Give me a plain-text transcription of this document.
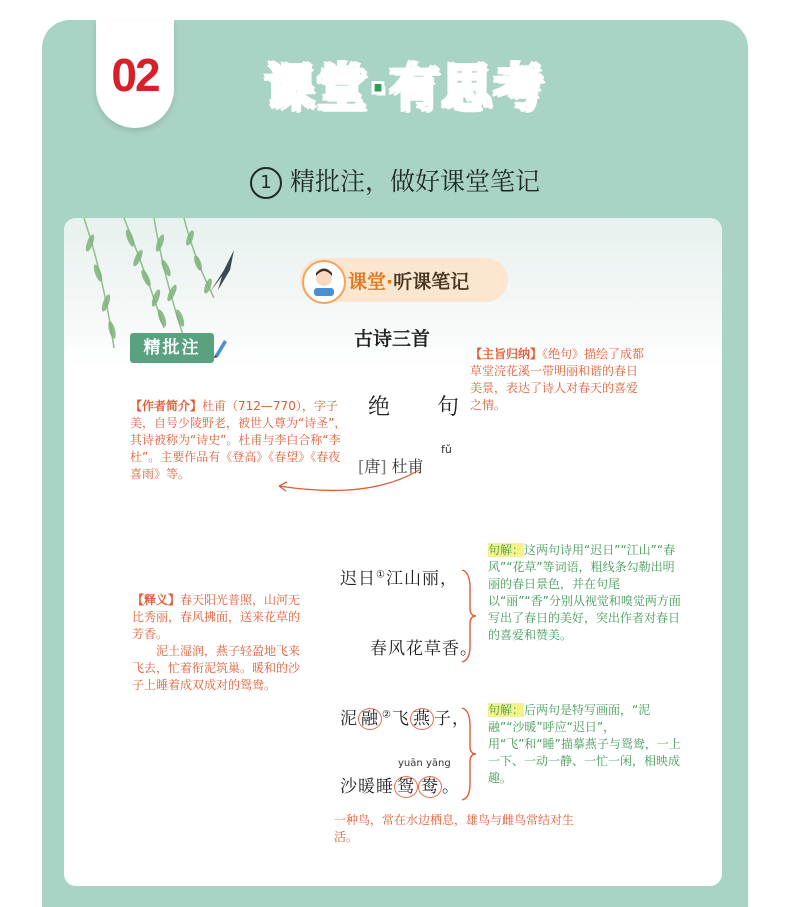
02	课堂·有思考
1 精批注，做好课堂笔记
课堂·听课笔记
精批注	古诗三首
绝 句
fǔ
[唐] 杜甫
【主旨归纳】《绝句》描绘了成都草堂浣花溪一带明丽和谐的春日美景，表达了诗人对春天的喜爱之情。
【作者简介】杜甫（712—770），字子美，自号少陵野老，被世人尊为“诗圣”，其诗被称为“诗史”。杜甫与李白合称“李杜”。主要作品有《登高》《春望》《春夜喜雨》等。
【释义】春天阳光普照，山河无比秀丽，春风拂面，送来花草的芳香。
泥土湿润，燕子轻盈地飞来飞去，忙着衔泥筑巢。暖和的沙子上睡着成双成对的鸳鸯。
迟日①江山丽，
春风花草香。
句解：这两句诗用“迟日”“江山”“春风”“花草”等词语，粗线条勾勒出明丽的春日景色，并在句尾以“丽”“香”分别从视觉和嗅觉两方面写出了春日的美好，突出作者对春日的喜爱和赞美。
泥 融 ②飞 燕 子，
yuān yāng
沙暖睡 鸳 鸯 。
句解：后两句是特写画面，“泥融”“沙暖”呼应“迟日”，用“飞”和“睡”描摹燕子与鸳鸯，一上一下、一动一静、一忙一闲，相映成趣。
一种鸟，常在水边栖息，雄鸟与雌鸟常结对生活。
